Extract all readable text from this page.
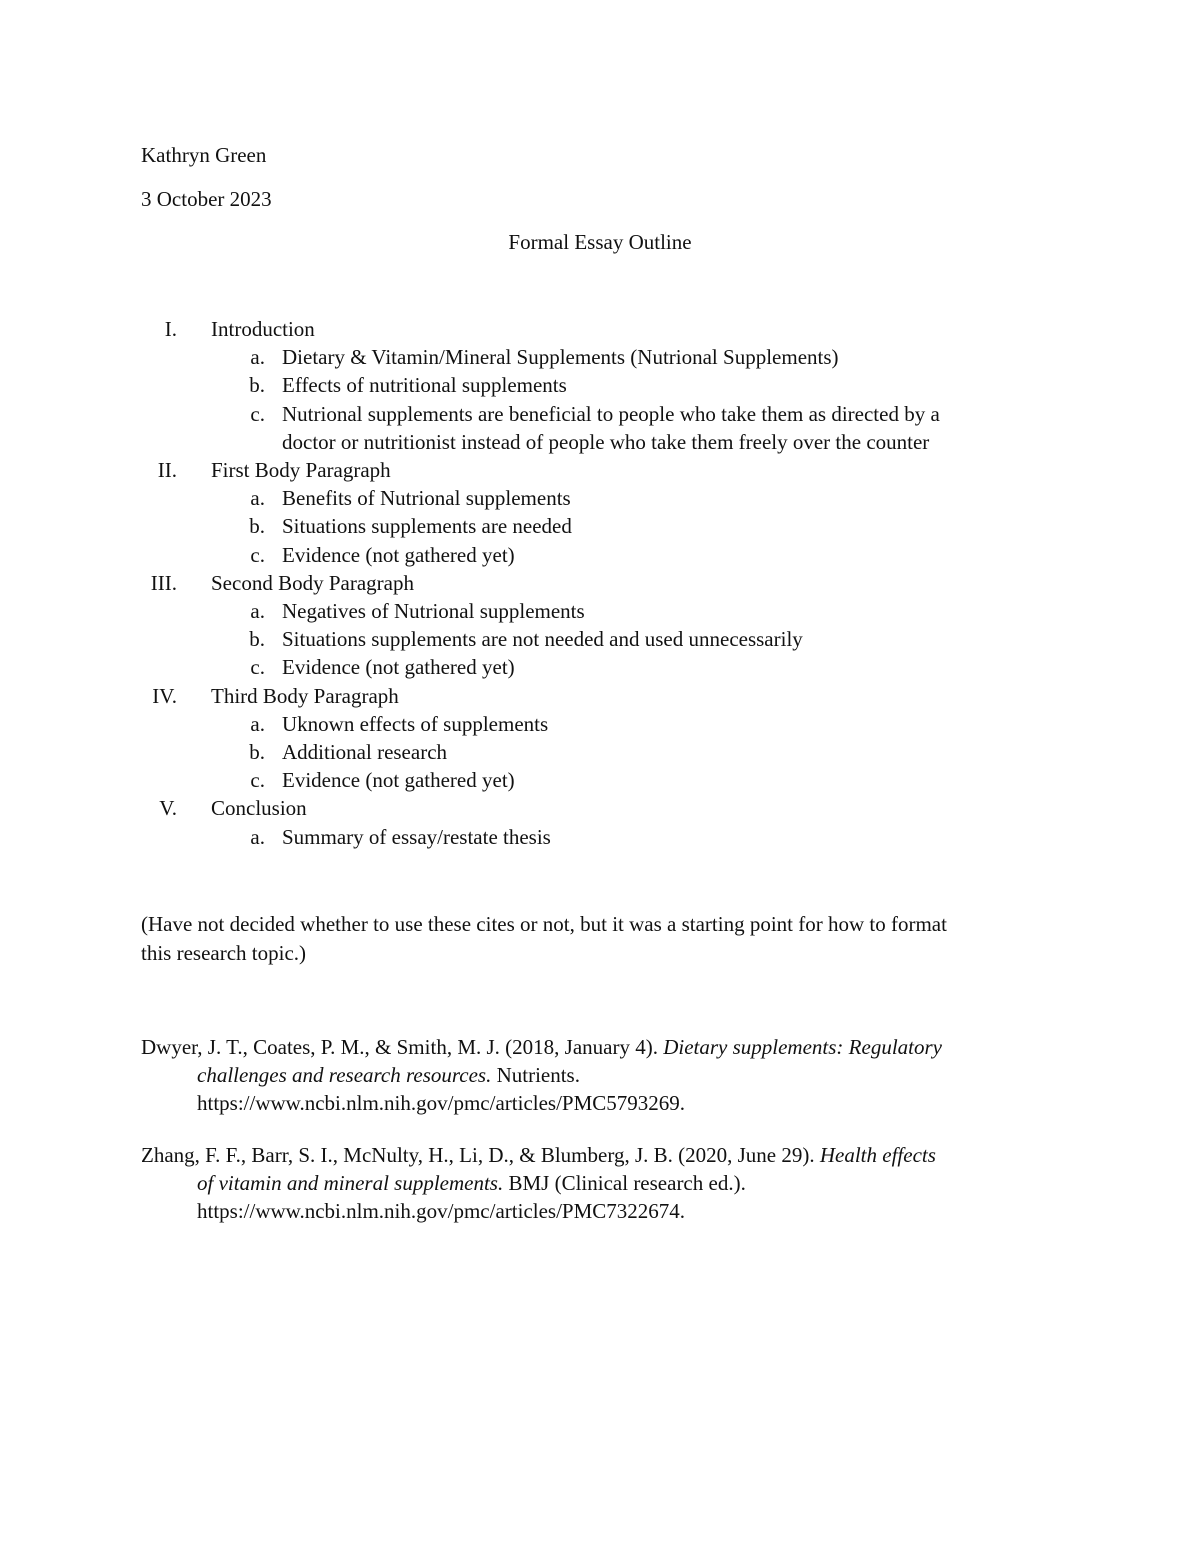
Kathryn Green
3 October 2023
Formal Essay Outline
I. Introduction
a. Dietary & Vitamin/Mineral Supplements (Nutrional Supplements)
b. Effects of nutritional supplements
c. Nutrional supplements are beneficial to people who take them as directed by a
doctor or nutritionist instead of people who take them freely over the counter
II. First Body Paragraph
a. Benefits of Nutrional supplements
b. Situations supplements are needed
c. Evidence (not gathered yet)
III. Second Body Paragraph
a. Negatives of Nutrional supplements
b. Situations supplements are not needed and used unnecessarily
c. Evidence (not gathered yet)
IV. Third Body Paragraph
a. Uknown effects of supplements
b. Additional research
c. Evidence (not gathered yet)
V. Conclusion
a. Summary of essay/restate thesis
(Have not decided whether to use these cites or not, but it was a starting point for how to format
this research topic.)
Dwyer, J. T., Coates, P. M., & Smith, M. J. (2018, January 4). Dietary supplements: Regulatory
challenges and research resources. Nutrients.
https://www.ncbi.nlm.nih.gov/pmc/articles/PMC5793269.
Zhang, F. F., Barr, S. I., McNulty, H., Li, D., & Blumberg, J. B. (2020, June 29). Health effects
of vitamin and mineral supplements. BMJ (Clinical research ed.).
https://www.ncbi.nlm.nih.gov/pmc/articles/PMC7322674.
